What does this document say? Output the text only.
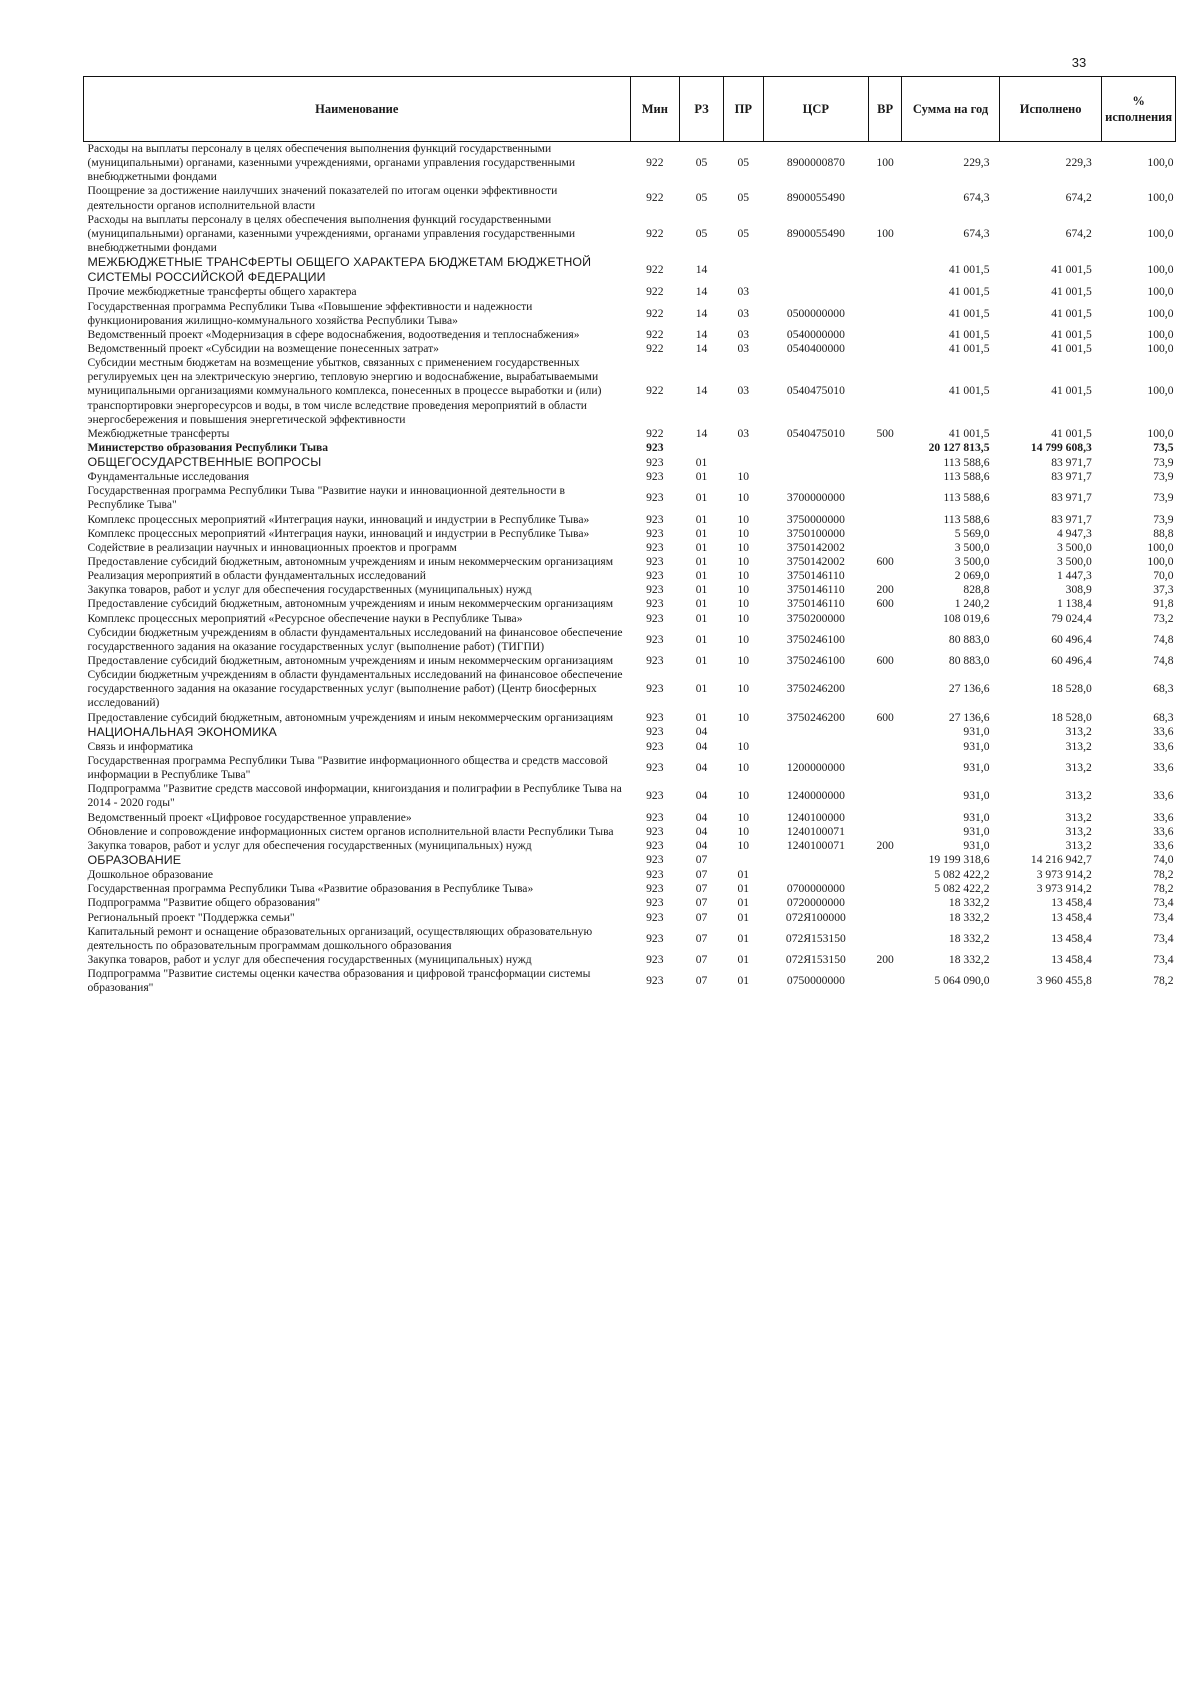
33
Наименование	Мин	РЗ	ПР	ЦСР	ВР	Сумма на год	Исполнено	% исполнения
Расходы на выплаты персоналу в целях обеспечения выполнения функций государственными (муниципальными) органами, казенными учреждениями, органами управления государственными внебюджетными фондами	922	05	05	8900000870	100	229,3	229,3	100,0
Поощрение за достижение наилучших значений показателей по итогам оценки эффективности деятельности органов исполнительной власти	922	05	05	8900055490		674,3	674,2	100,0
Расходы на выплаты персоналу в целях обеспечения выполнения функций государственными (муниципальными) органами, казенными учреждениями, органами управления государственными внебюджетными фондами	922	05	05	8900055490	100	674,3	674,2	100,0
МЕЖБЮДЖЕТНЫЕ ТРАНСФЕРТЫ ОБЩЕГО ХАРАКТЕРА БЮДЖЕТАМ БЮДЖЕТНОЙ СИСТЕМЫ РОССИЙСКОЙ ФЕДЕРАЦИИ	922	14				41 001,5	41 001,5	100,0
Прочие межбюджетные трансферты общего характера	922	14	03			41 001,5	41 001,5	100,0
Государственная программа Республики Тыва «Повышение эффективности и надежности функционирования жилищно-коммунального хозяйства Республики Тыва»	922	14	03	0500000000		41 001,5	41 001,5	100,0
Ведомственный проект «Модернизация в сфере водоснабжения, водоотведения и теплоснабжения»	922	14	03	0540000000		41 001,5	41 001,5	100,0
Ведомственный проект «Субсидии на возмещение понесенных затрат»	922	14	03	0540400000		41 001,5	41 001,5	100,0
Субсидии местным бюджетам на возмещение убытков, связанных с применением государственных регулируемых цен на электрическую энергию, тепловую энергию и водоснабжение, вырабатываемыми муниципальными организациями коммунального комплекса, понесенных в процессе выработки и (или) транспортировки энергоресурсов и воды, в том числе вследствие проведения мероприятий в области энергосбережения и повышения энергетической эффективности	922	14	03	0540475010		41 001,5	41 001,5	100,0
Межбюджетные трансферты	922	14	03	0540475010	500	41 001,5	41 001,5	100,0
Министерство образования Республики Тыва	923					20 127 813,5	14 799 608,3	73,5
ОБЩЕГОСУДАРСТВЕННЫЕ ВОПРОСЫ	923	01				113 588,6	83 971,7	73,9
Фундаментальные исследования	923	01	10			113 588,6	83 971,7	73,9
Государственная программа Республики Тыва "Развитие науки и инновационной деятельности в Республике Тыва"	923	01	10	3700000000		113 588,6	83 971,7	73,9
Комплекс процессных мероприятий «Интеграция науки, инноваций и индустрии в Республике Тыва»	923	01	10	3750000000		113 588,6	83 971,7	73,9
Комплекс процессных мероприятий «Интеграция науки, инноваций и индустрии в Республике Тыва»	923	01	10	3750100000		5 569,0	4 947,3	88,8
Содействие в реализации научных и инновационных проектов и программ	923	01	10	3750142002		3 500,0	3 500,0	100,0
Предоставление субсидий бюджетным, автономным учреждениям и иным некоммерческим организациям	923	01	10	3750142002	600	3 500,0	3 500,0	100,0
Реализация мероприятий в области фундаментальных исследований	923	01	10	3750146110		2 069,0	1 447,3	70,0
Закупка товаров, работ и услуг для обеспечения государственных (муниципальных) нужд	923	01	10	3750146110	200	828,8	308,9	37,3
Предоставление субсидий бюджетным, автономным учреждениям и иным некоммерческим организациям	923	01	10	3750146110	600	1 240,2	1 138,4	91,8
Комплекс процессных мероприятий «Ресурсное обеспечение науки в Республике Тыва»	923	01	10	3750200000		108 019,6	79 024,4	73,2
Субсидии бюджетным учреждениям в области фундаментальных исследований на финансовое обеспечение государственного задания на оказание государственных услуг (выполнение работ) (ТИГПИ)	923	01	10	3750246100		80 883,0	60 496,4	74,8
Предоставление субсидий бюджетным, автономным учреждениям и иным некоммерческим организациям	923	01	10	3750246100	600	80 883,0	60 496,4	74,8
Субсидии бюджетным учреждениям в области фундаментальных исследований на финансовое обеспечение государственного задания на оказание государственных услуг (выполнение работ) (Центр биосферных исследований)	923	01	10	3750246200		27 136,6	18 528,0	68,3
Предоставление субсидий бюджетным, автономным учреждениям и иным некоммерческим организациям	923	01	10	3750246200	600	27 136,6	18 528,0	68,3
НАЦИОНАЛЬНАЯ ЭКОНОМИКА	923	04				931,0	313,2	33,6
Связь и информатика	923	04	10			931,0	313,2	33,6
Государственная программа Республики Тыва "Развитие информационного общества и средств массовой информации в Республике Тыва"	923	04	10	1200000000		931,0	313,2	33,6
Подпрограмма "Развитие средств массовой информации, книгоиздания и полиграфии в Республике Тыва на 2014 - 2020 годы"	923	04	10	1240000000		931,0	313,2	33,6
Ведомственный проект «Цифровое государственное управление»	923	04	10	1240100000		931,0	313,2	33,6
Обновление и сопровождение информационных систем органов исполнительной власти Республики Тыва	923	04	10	1240100071		931,0	313,2	33,6
Закупка товаров, работ и услуг для обеспечения государственных (муниципальных) нужд	923	04	10	1240100071	200	931,0	313,2	33,6
ОБРАЗОВАНИЕ	923	07				19 199 318,6	14 216 942,7	74,0
Дошкольное образование	923	07	01			5 082 422,2	3 973 914,2	78,2
Государственная программа Республики Тыва «Развитие образования в Республике Тыва»	923	07	01	0700000000		5 082 422,2	3 973 914,2	78,2
Подпрограмма "Развитие общего образования"	923	07	01	0720000000		18 332,2	13 458,4	73,4
Региональный проект "Поддержка семьи"	923	07	01	072Я100000		18 332,2	13 458,4	73,4
Капитальный ремонт и оснащение образовательных организаций, осуществляющих образовательную деятельность по образовательным программам дошкольного образования	923	07	01	072Я153150		18 332,2	13 458,4	73,4
Закупка товаров, работ и услуг для обеспечения государственных (муниципальных) нужд	923	07	01	072Я153150	200	18 332,2	13 458,4	73,4
Подпрограмма "Развитие системы оценки качества образования и цифровой трансформации системы образования"	923	07	01	0750000000		5 064 090,0	3 960 455,8	78,2
